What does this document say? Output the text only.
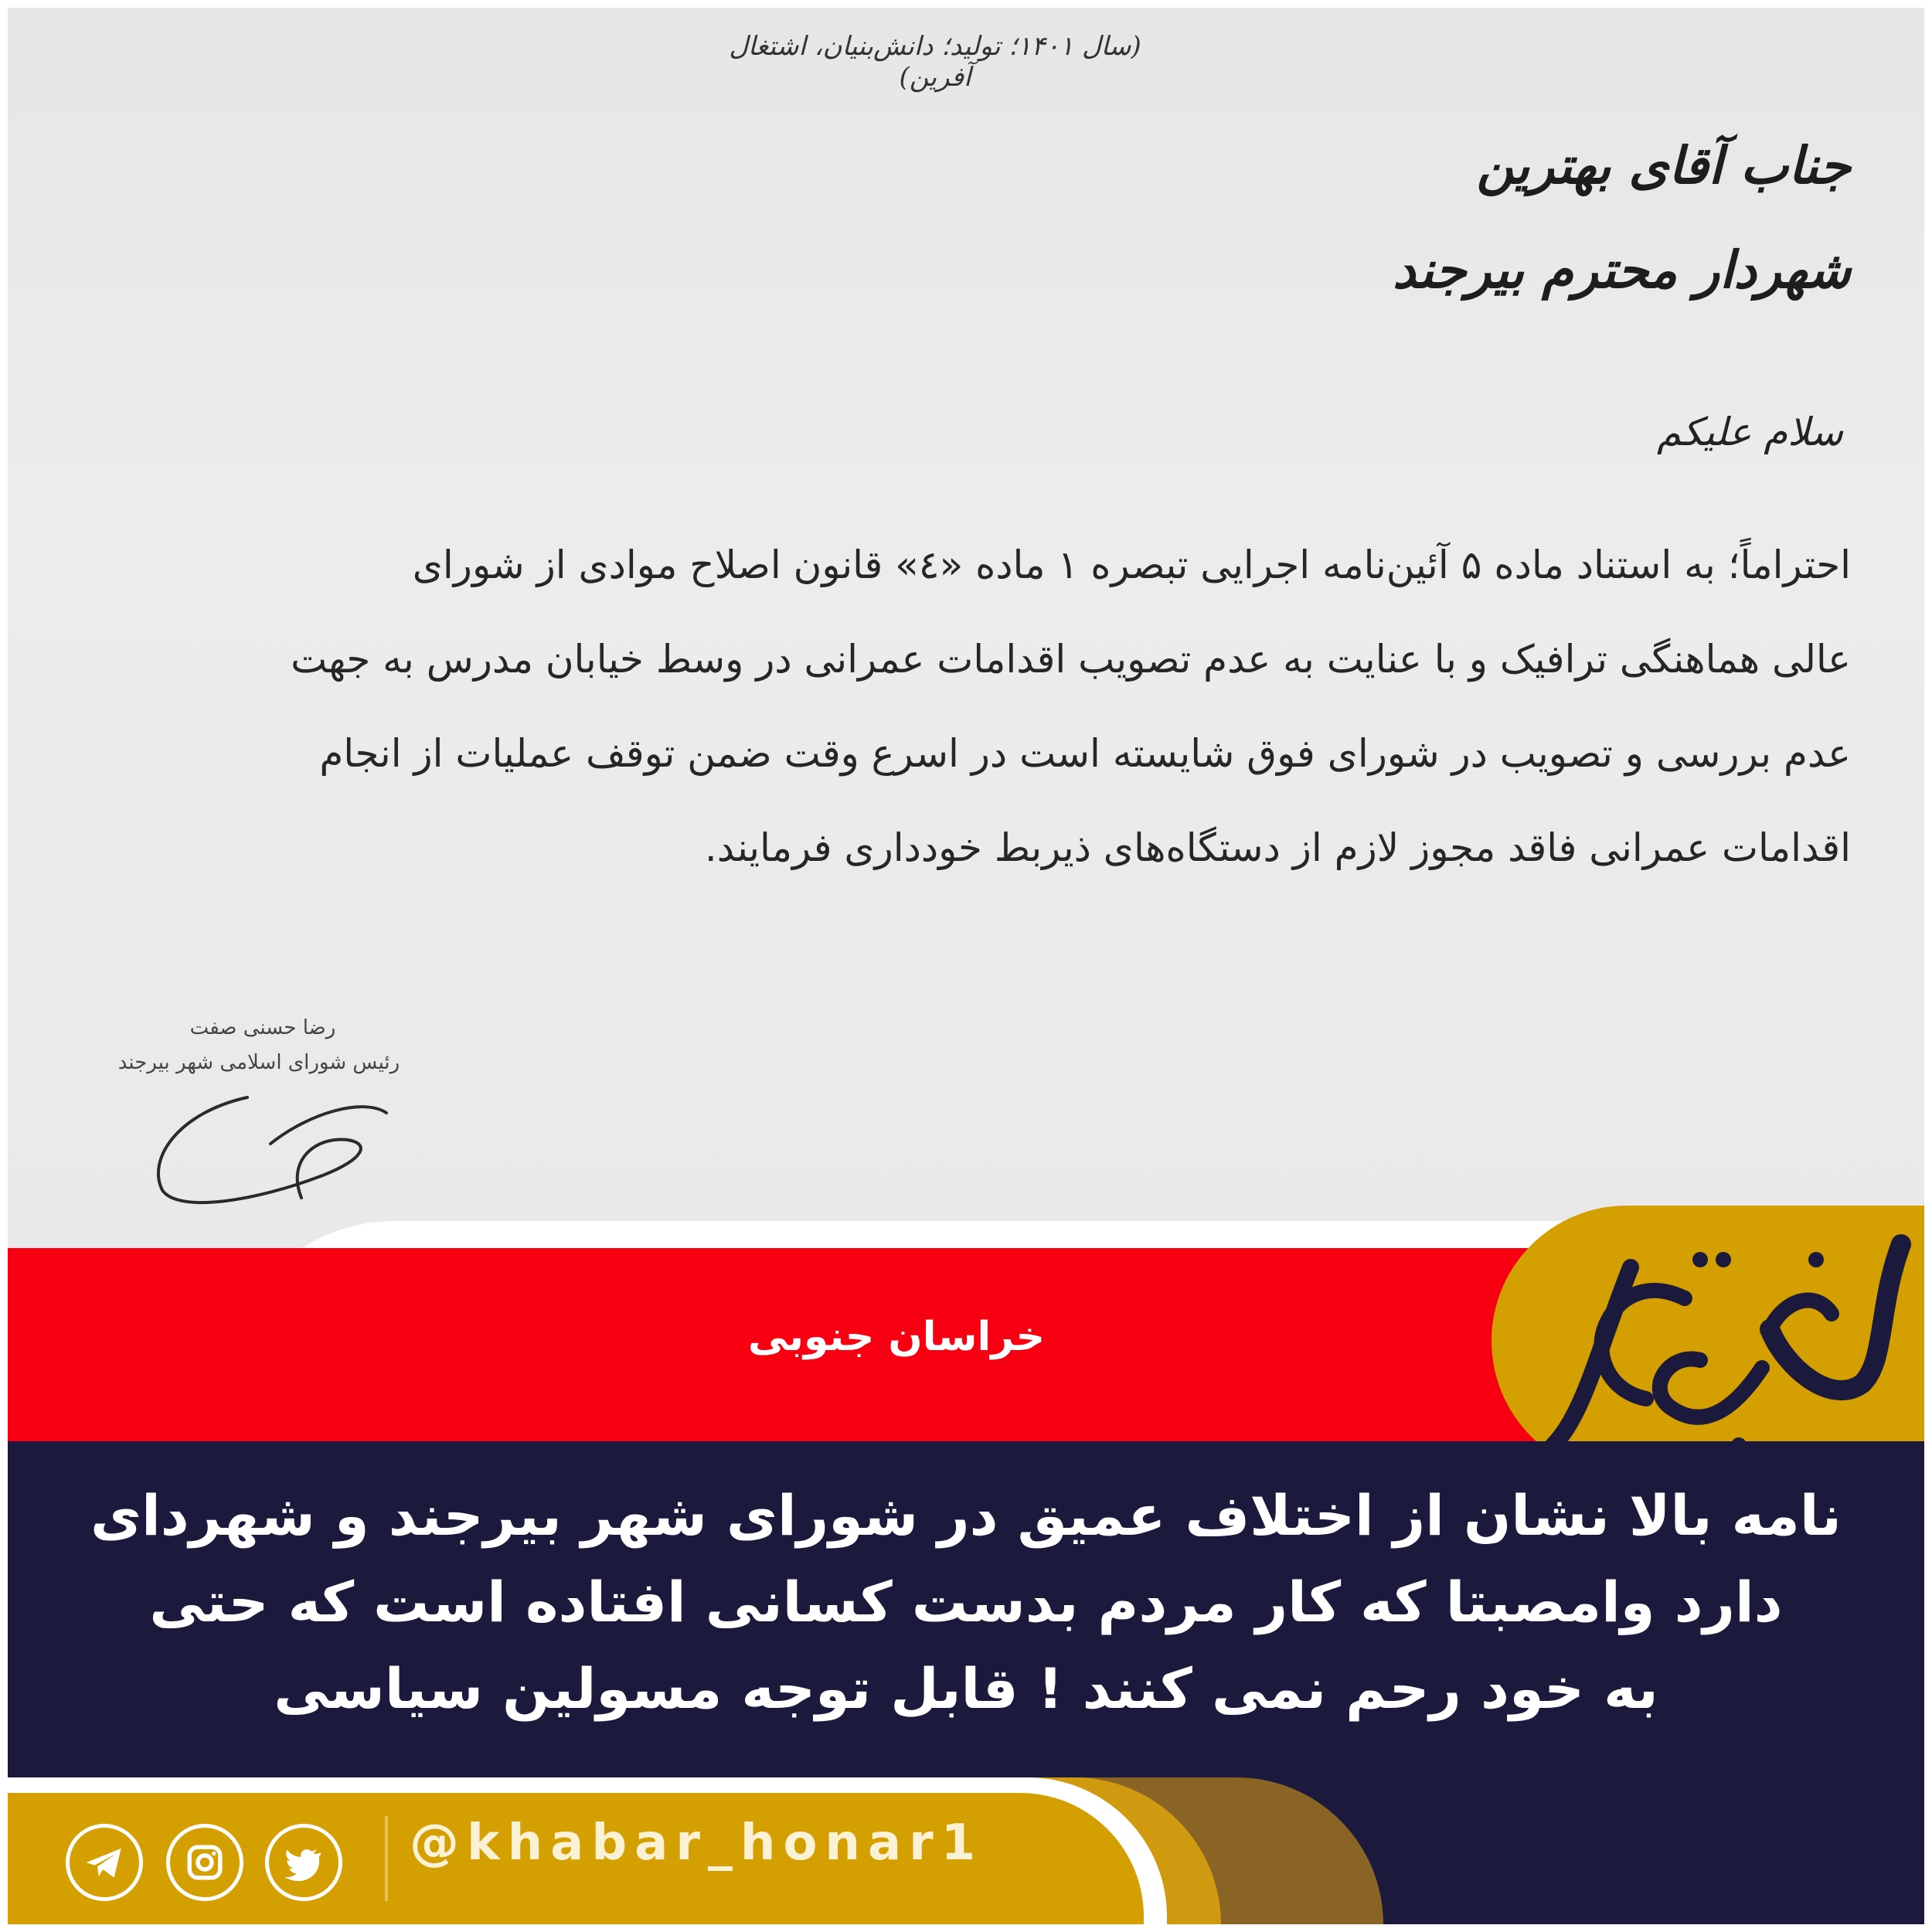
(سال ۱۴۰۱؛ تولید؛ دانش‌بنیان، اشتغال آفرین)
جناب آقای بهترین
شهردار محترم بیرجند
سلام علیکم
احتراماً؛ به استناد ماده ۵ آئین‌نامه اجرایی تبصره ۱ ماده «٤» قانون اصلاح موادی از شورای
عالی هماهنگی ترافیک و با عنایت به عدم تصویب اقدامات عمرانی در وسط خیابان مدرس به جهت
عدم بررسی و تصویب در شورای فوق شایسته است در اسرع وقت ضمن توقف عملیات از انجام
اقدامات عمرانی فاقد مجوز لازم از دستگاه‌های ذیربط خودداری فرمایند.
رضا حسنی صفت
رئیس شورای اسلامی شهر بیرجند
خراسان جنوبی
نامه بالا نشان از اختلاف عمیق در شورای شهر بیرجند و شهردای
دارد وامصبتا که کار مردم بدست کسانی افتاده است که حتی
به خود رحم نمی کنند ! قابل توجه مسولین سیاسی
@khabar_honar1
